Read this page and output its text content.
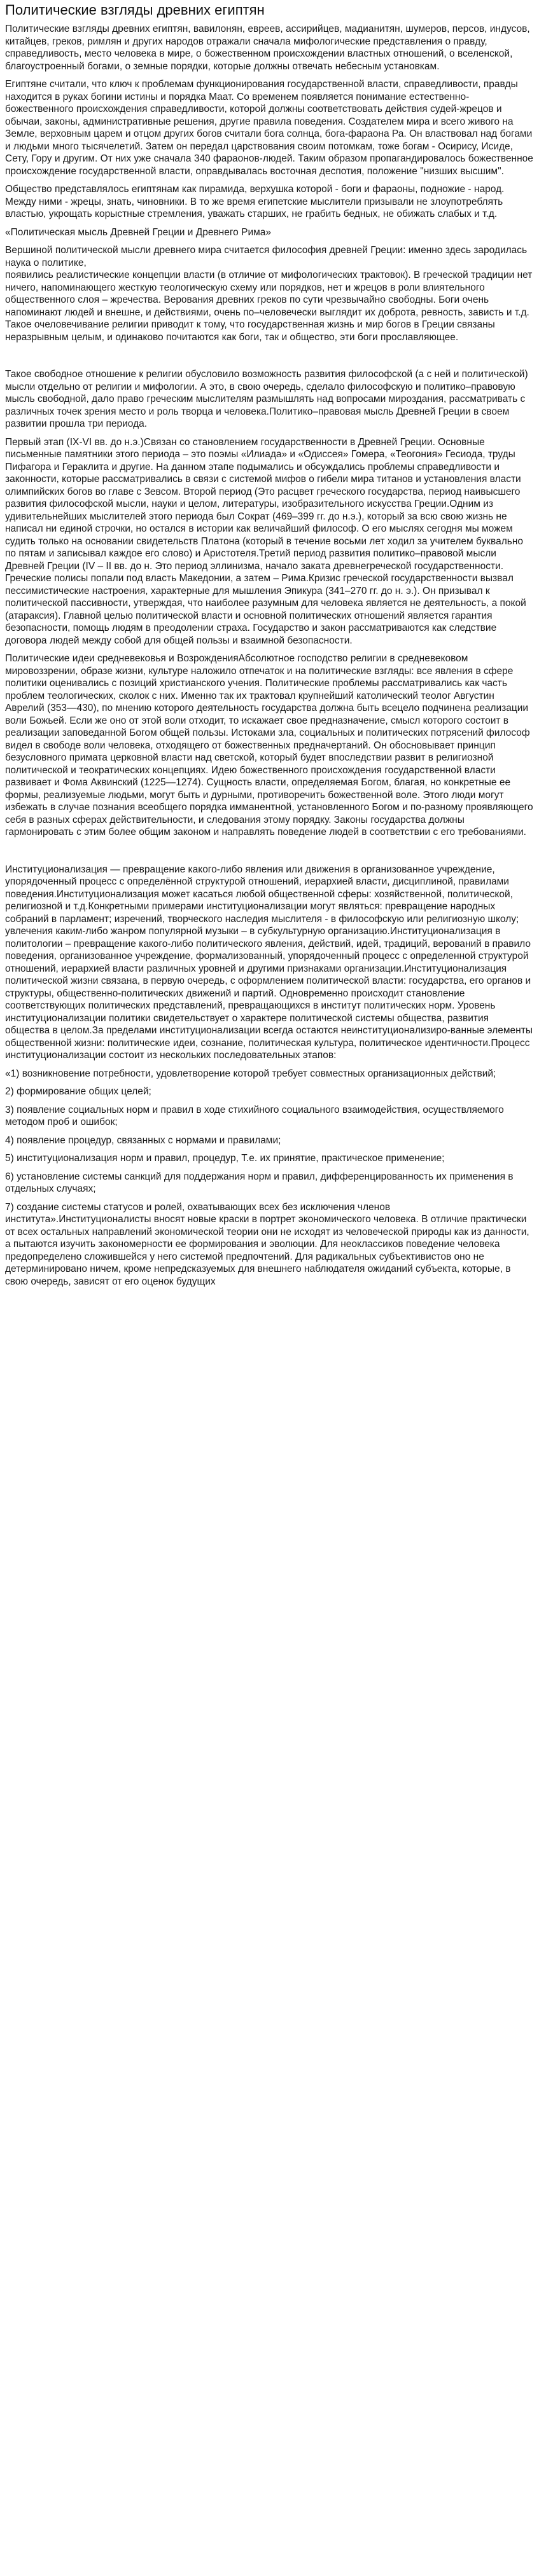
Политические взгляды древних египтян

Политические взгляды древних египтян, вавилонян, евреев, ассирийцев, мадианитян, шумеров, персов, индусов, китайцев, греков, римлян и других народов отражали сначала мифологические представления о правду, справедливость, место человека в мире, о божественном происхождении властных отношений, о вселенской, благоустроенный богами, о земные порядки, которые должны отвечать небесным установкам.

Египтяне считали, что ключ к проблемам функционирования государственной власти, справедливости, правды находится в руках богини истины и порядка Маат. Со временем появляется понимание естественно-божественного происхождения справедливости, которой должны соответствовать действия судей-жрецов и обычаи, законы, административные решения, другие правила поведения. Создателем мира и всего живого на Земле, верховным царем и отцом других богов считали бога солнца, бога-фараона Ра. Он властвовал над богами и людьми много тысячелетий. Затем он передал царствования своим потомкам, тоже богам - Осирису, Исиде, Сету, Гору и другим. От них уже сначала 340 фараонов-людей. Таким образом пропагандировалось божественное происхождение государственной власти, оправдывалась восточная деспотия, положение "низших высшим".

Общество представлялось египтянам как пирамида, верхушка которой - боги и фараоны, подножие - народ. Между ними - жрецы, знать, чиновники. В то же время египетские мыслители призывали не злоупотреблять властью, укрощать корыстные стремления, уважать старших, не грабить бедных, не обижать слабых и т.д.

«Политическая мысль Древней Греции и Древнего Рима»

Вершиной политической мысли древнего мира считается философия древней Греции: именно здесь зародилась наука о политике,
появились реалистические концепции власти (в отличие от мифологических трактовок). В греческой традиции нет ничего, напоминающего жесткую теологическую схему или порядков, нет и жрецов в роли влиятельного общественного слоя – жречества. Верования древних греков по сути чрезвычайно свободны. Боги очень напоминают людей и внешне, и действиями, очень по–человечески выглядит их доброта, ревность, зависть и т.д. Такое очеловечивание религии приводит к тому, что государственная жизнь и мир богов в Греции связаны неразрывным целым, и одинаково почитаются как боги, так и общество, эти боги прославляющее.

Такое свободное отношение к религии обусловило возможность развития философской (а с ней и политической) мысли отдельно от религии и мифологии. А это, в свою очередь, сделало философскую и политико–правовую мысль свободной, дало право греческим мыслителям размышлять над вопросами мироздания, рассматривать с различных точек зрения место и роль творца и человека.Политико–правовая мысль Древней Греции в своем развитии прошла три периода.

Первый этап (IX-VI вв. до н.э.)Связан со становлением государственности в Древней Греции. Основные письменные памятники этого периода – это поэмы «Илиада» и «Одиссея» Гомера, «Теогония» Гесиода, труды Пифагора и Гераклита и другие. На данном этапе подымались и обсуждались проблемы справедливости и законности, которые рассматривались в связи с системой мифов о гибели мира титанов и установления власти олимпийских богов во главе с Зевсом. Второй период (Это расцвет греческого государства, период наивысшего развития философской мысли, науки и целом, литературы, изобразительного искусства Греции.Одним из удивительнейших мыслителей этого периода был Сократ (469–399 гг. до н.э.), который за всю свою жизнь не написал ни единой строчки, но остался в истории как величайший философ. О его мыслях сегодня мы можем судить только на основании свидетельств Платона (который в течение восьми лет ходил за учителем буквально по пятам и записывал каждое его слово) и Аристотеля.Третий период развития политико–правовой мысли Древней Греции (IV – II вв. до н. Это период эллинизма, начало заката древнегреческой государственности. Греческие полисы попали под власть Македонии, а затем – Рима.Кризис греческой государственности вызвал пессимистические настроения, характерные для мышления Эпикура (341–270 гг. до н. э.). Он призывал к политической пассивности, утверждая, что наиболее разумным для человека является не деятельность, а покой (атараксия). Главной целью политической власти и основной политических отношений является гарантия безопасности, помощь людям в преодолении страха. Государство и закон рассматриваются как следствие договора людей между собой для общей пользы и взаимной безопасности.

Политические идеи средневековья и ВозрожденияАбсолютное господство религии в средневековом мировоззрении, образе жизни, культуре наложило отпечаток и на политические взгляды: все явления в сфере политики оценивались с позиций христианского учения. Политические проблемы рассматривались как часть проблем теологических, сколок с них. Именно так их трактовал крупнейший католический теолог Августин Аврелий (353—430), по мнению которого деятельность государства должна быть всецело подчинена реализации воли Божьей. Если же оно от этой воли отходит, то искажает свое предназначение, смысл которого состоит в реализации заповеданной Богом общей пользы. Истоками зла, социальных и политических потрясений философ видел в свободе воли человека, отходящего от божественных предначертаний. Он обосновывает принцип безусловного примата церковной власти над светской, который будет впоследствии развит в религиозной политической и теократических концепциях. Идею божественного происхождения государственной власти развивает и Фома Аквинский (1225—1274). Сущность власти, определяемая Богом, благая, но конкретные ее формы, реализуемые людьми, могут быть и дурными, противоречить божественной воле. Этого люди могут избежать в случае познания всеобщего порядка имманентной, установленного Богом и по-разному проявляющего себя в разных сферах действительности, и следования этому порядку. Законы государства должны гармонировать с этим более общим законом и направлять поведение людей в соответствии с его требованиями.

Институционализация — превращение какого-либо явления или движения в организованное учреждение, упорядоченный процесс с определённой структурой отношений, иерархией власти, дисциплиной, правилами поведения.Институционализация может касаться любой общественной сферы: хозяйственной, политической, религиозной и т.д.Конкретными примерами институционализации могут являться: превращение народных собраний в парламент; изречений, творческого наследия мыслителя - в философскую или религиозную школу; увлечения каким-либо жанром популярной музыки – в субкультурную организацию.Институционализация в политологии – превращение какого-либо политического явления, действий, идей, традиций, верований в правило поведения, организованное учреждение, формализованный, упорядоченный процесс с определенной структурой отношений, иерархией власти различных уровней и другими признаками организации.Институционализация политической жизни связана, в первую очередь, с оформлением политической власти: государства, его органов и структуры, общественно-политических движений и партий. Одновременно происходит становление соответствующих политических представлений, превращающихся в институт политических норм. Уровень институционализации политики свидетельствует о характере политической системы общества, развития общества в целом.За пределами институционализации всегда остаются неинституционализиро-ванные элементы общественной жизни: политические идеи, сознание, политическая культура, политическое идентичности.Процесс институционализации состоит из нескольких последовательных этапов:

«1) возникновение потребности, удовлетворение которой требует совместных организационных действий;

2) формирование общих целей;

3) появление социальных норм и правил в ходе стихийного социального взаимодействия, осуществляемого методом проб и ошибок;

4) появление процедур, связанных с нормами и правилами;

5) институционализация норм и правил, процедур, Т.е. их принятие, практическое применение;

6) установление системы санкций для поддержания норм и правил, дифференцированность их применения в отдельных случаях;

7) создание системы статусов и ролей, охватывающих всех без исключения членов института».Институционалисты вносят новые краски в портрет экономического человека. В отличие практически от всех остальных направлений экономической теории они не исходят из человеческой природы как из данности, а пытаются изучить закономерности ее формирования и эволюции. Для неоклассиков поведение человека предопределено сложившейся у него системой предпочтений. Для радикальных субъективистов оно не детерминировано ничем, кроме непредсказуемых для внешнего наблюдателя ожиданий субъекта, которые, в свою очередь, зависят от его оценок будущих
